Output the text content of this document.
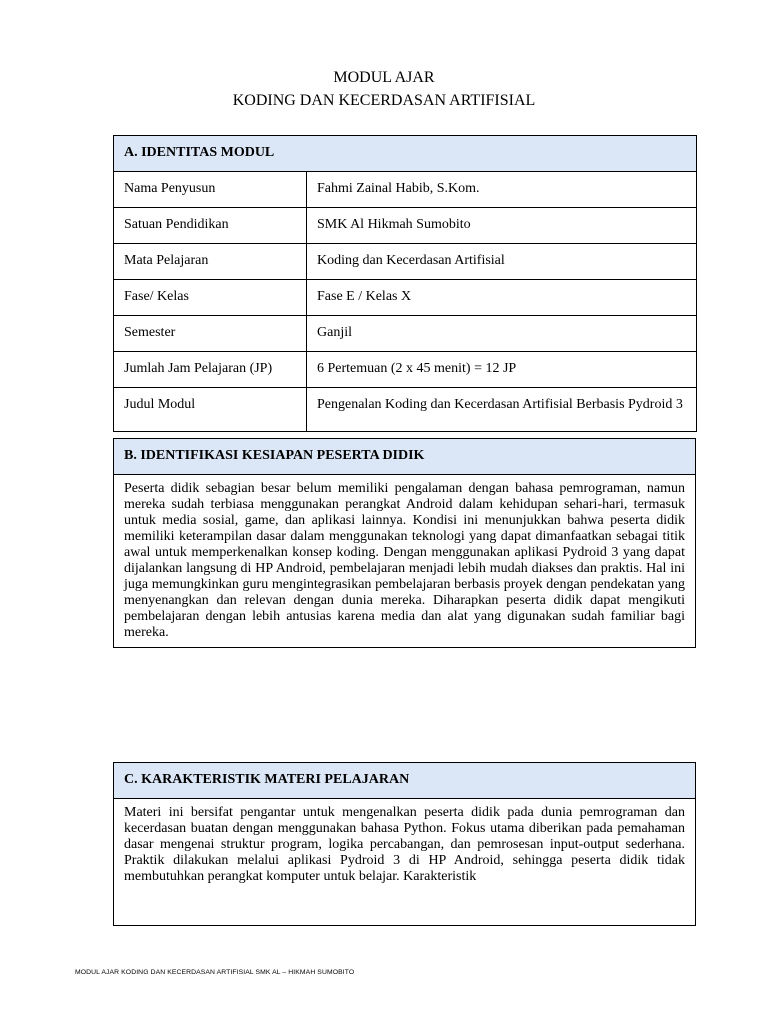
MODUL AJAR
KODING DAN KECERDASAN ARTIFISIAL
A. IDENTITAS MODUL	
Nama Penyusun	Fahmi Zainal Habib, S.Kom.
Satuan Pendidikan	SMK Al Hikmah Sumobito
Mata Pelajaran	Koding dan Kecerdasan Artifisial
Fase/ Kelas	Fase E / Kelas X
Semester	Ganjil
Jumlah Jam Pelajaran (JP)	6 Pertemuan (2 x 45 menit) = 12 JP
Judul Modul	Pengenalan Koding dan Kecerdasan Artifisial Berbasis Pydroid 3
B. IDENTIFIKASI KESIAPAN PESERTA DIDIK
Peserta didik sebagian besar belum memiliki pengalaman dengan bahasa pemrograman, namun mereka sudah terbiasa menggunakan perangkat Android dalam kehidupan sehari-hari, termasuk untuk media sosial, game, dan aplikasi lainnya. Kondisi ini menunjukkan bahwa peserta didik memiliki keterampilan dasar dalam menggunakan teknologi yang dapat dimanfaatkan sebagai titik awal untuk memperkenalkan konsep koding. Dengan menggunakan aplikasi Pydroid 3 yang dapat dijalankan langsung di HP Android, pembelajaran menjadi lebih mudah diakses dan praktis. Hal ini juga memungkinkan guru mengintegrasikan pembelajaran berbasis proyek dengan pendekatan yang menyenangkan dan relevan dengan dunia mereka. Diharapkan peserta didik dapat mengikuti pembelajaran dengan lebih antusias karena media dan alat yang digunakan sudah familiar bagi mereka.
C. KARAKTERISTIK MATERI PELAJARAN
Materi ini bersifat pengantar untuk mengenalkan peserta didik pada dunia pemrograman dan kecerdasan buatan dengan menggunakan bahasa Python. Fokus utama diberikan pada pemahaman dasar mengenai struktur program, logika percabangan, dan pemrosesan input-output sederhana. Praktik dilakukan melalui aplikasi Pydroid 3 di HP Android, sehingga peserta didik tidak membutuhkan perangkat komputer untuk belajar. Karakteristik
MODUL AJAR KODING DAN KECERDASAN ARTIFISIAL SMK AL – HIKMAH SUMOBITO
